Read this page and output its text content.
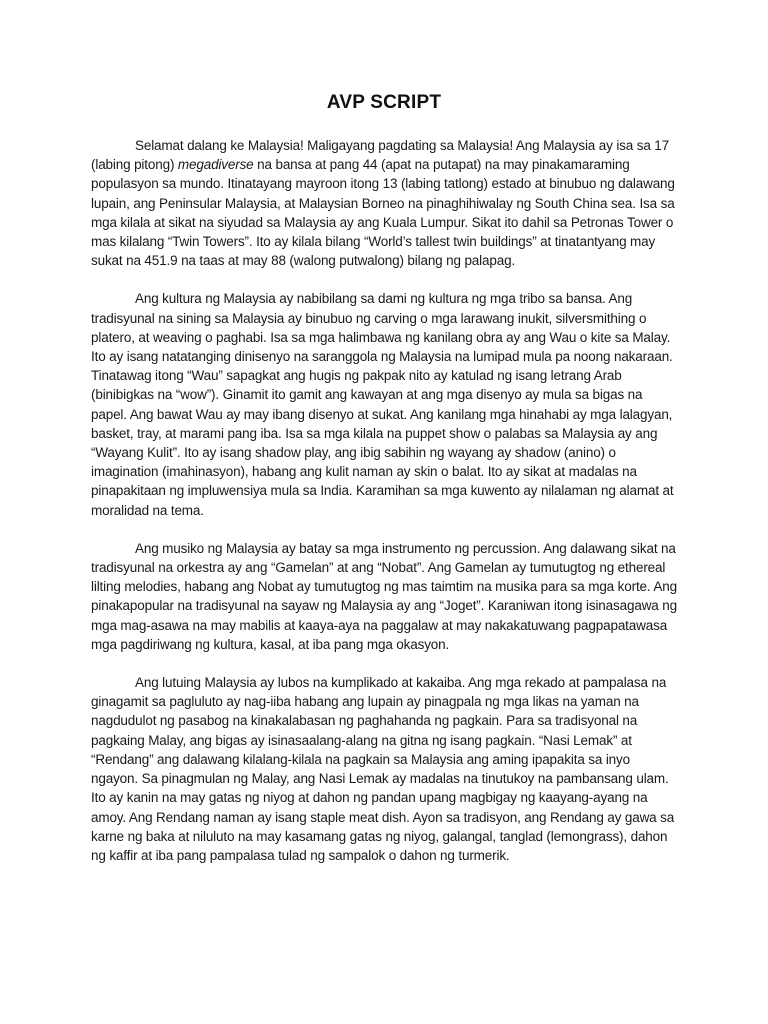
AVP SCRIPT

Selamat dalang ke Malaysia! Maligayang pagdating sa Malaysia! Ang Malaysia ay isa sa 17 (labing pitong) megadiverse na bansa at pang 44 (apat na putapat) na may pinakamaraming populasyon sa mundo. Itinatayang mayroon itong 13 (labing tatlong) estado at binubuo ng dalawang lupain, ang Peninsular Malaysia, at Malaysian Borneo na pinaghihiwalay ng South China sea. Isa sa mga kilala at sikat na siyudad sa Malaysia ay ang Kuala Lumpur. Sikat ito dahil sa Petronas Tower o mas kilalang “Twin Towers”. Ito ay kilala bilang “World’s tallest twin buildings” at tinatantyang may sukat na 451.9 na taas at may 88 (walong putwalong) bilang ng palapag.

Ang kultura ng Malaysia ay nabibilang sa dami ng kultura ng mga tribo sa bansa. Ang tradisyunal na sining sa Malaysia ay binubuo ng carving o mga larawang inukit, silversmithing o platero, at weaving o paghabi. Isa sa mga halimbawa ng kanilang obra ay ang Wau o kite sa Malay. Ito ay isang natatanging dinisenyo na saranggola ng Malaysia na lumipad mula pa noong nakaraan. Tinatawag itong “Wau” sapagkat ang hugis ng pakpak nito ay katulad ng isang letrang Arab (binibigkas na “wow”). Ginamit ito gamit ang kawayan at ang mga disenyo ay mula sa bigas na papel. Ang bawat Wau ay may ibang disenyo at sukat. Ang kanilang mga hinahabi ay mga lalagyan, basket, tray, at marami pang iba. Isa sa mga kilala na puppet show o palabas sa Malaysia ay ang “Wayang Kulit”. Ito ay isang shadow play, ang ibig sabihin ng wayang ay shadow (anino) o imagination (imahinasyon), habang ang kulit naman ay skin o balat. Ito ay sikat at madalas na pinapakitaan ng impluwensiya mula sa India. Karamihan sa mga kuwento ay nilalaman ng alamat at moralidad na tema.

Ang musiko ng Malaysia ay batay sa mga instrumento ng percussion. Ang dalawang sikat na tradisyunal na orkestra ay ang “Gamelan” at ang “Nobat”. Ang Gamelan ay tumutugtog ng ethereal lilting melodies, habang ang Nobat ay tumutugtog ng mas taimtim na musika para sa mga korte. Ang pinakapopular na tradisyunal na sayaw ng Malaysia ay ang “Joget”. Karaniwan itong isinasagawa ng mga mag-asawa na may mabilis at kaaya-aya na paggalaw at may nakakatuwang pagpapatawasa mga pagdiriwang ng kultura, kasal, at iba pang mga okasyon.

Ang lutuing Malaysia ay lubos na kumplikado at kakaiba. Ang mga rekado at pampalasa na ginagamit sa pagluluto ay nag-iiba habang ang lupain ay pinagpala ng mga likas na yaman na nagdudulot ng pasabog na kinakalabasan ng paghahanda ng pagkain. Para sa tradisyonal na pagkaing Malay, ang bigas ay isinasaalang-alang na gitna ng isang pagkain. “Nasi Lemak” at “Rendang” ang dalawang kilalang-kilala na pagkain sa Malaysia ang aming ipapakita sa inyo ngayon. Sa pinagmulan ng Malay, ang Nasi Lemak ay madalas na tinutukoy na pambansang ulam. Ito ay kanin na may gatas ng niyog at dahon ng pandan upang magbigay ng kaayang-ayang na amoy. Ang Rendang naman ay isang staple meat dish. Ayon sa tradisyon, ang Rendang ay gawa sa karne ng baka at niluluto na may kasamang gatas ng niyog, galangal, tanglad (lemongrass), dahon ng kaffir at iba pang pampalasa tulad ng sampalok o dahon ng turmerik.
